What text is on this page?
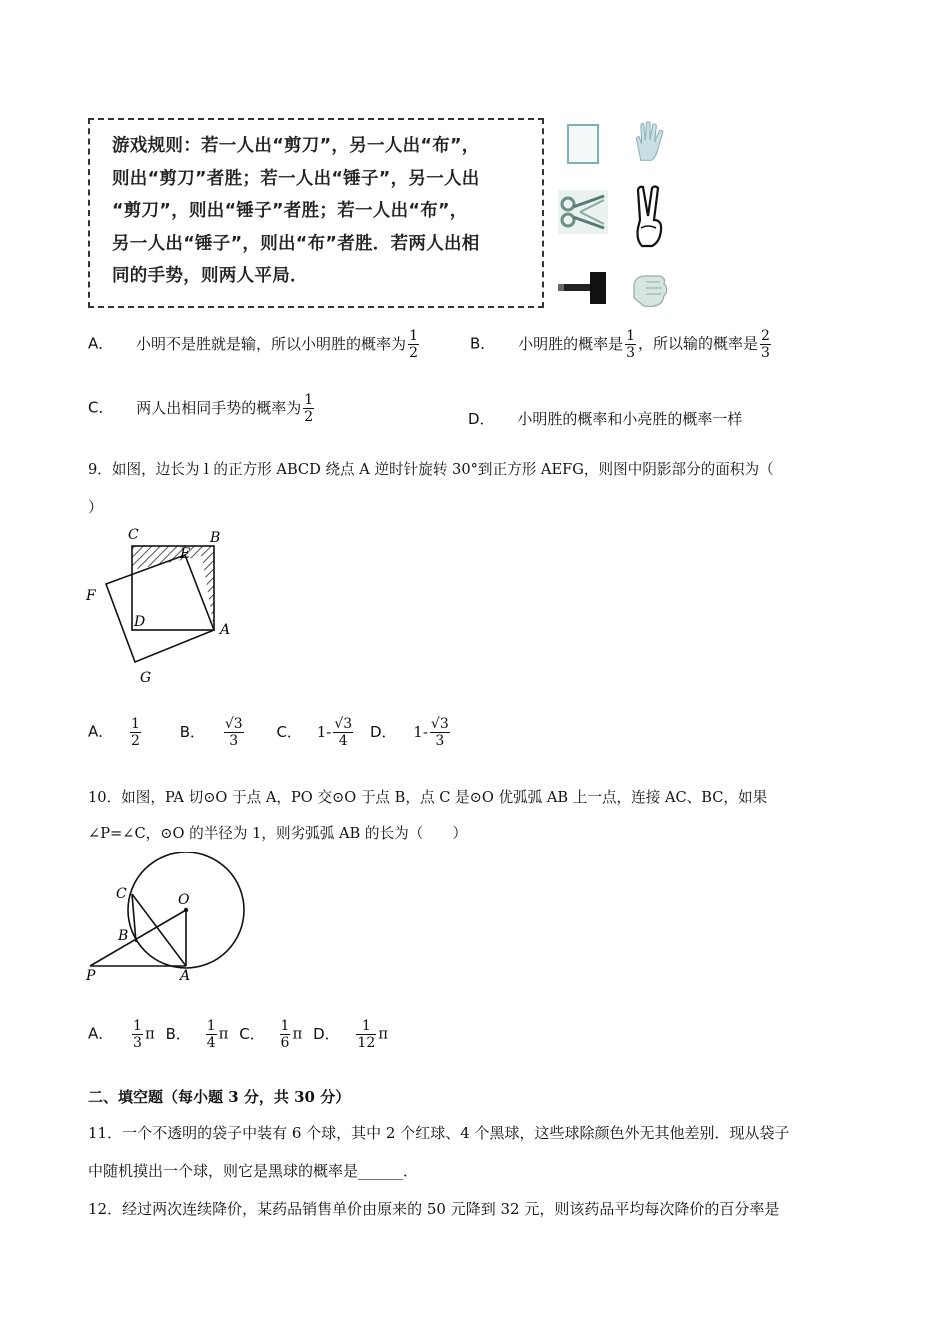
游戏规则：若一人出“剪刀”，另一人出“布”，
则出“剪刀”者胜；若一人出“锤子”，另一人出
“剪刀”，则出“锤子”者胜；若一人出“布”，
另一人出“锤子”，则出“布”者胜．若两人出相
同的手势，则两人平局．
A． 小明不是胜就是输，所以小明胜的概率为 $\frac{1}{2}$	B． 小明胜的概率是 $\frac{1}{3}$ ，所以输的概率是 $\frac{2}{3}$
C． 两人出相同手势的概率为 $\frac{1}{2}$	D． 小明胜的概率和小亮胜的概率一样
9．如图，边长为 l 的正方形 ABCD 绕点 A 逆时针旋转 30°到正方形 AEFG，则图中阴影部分的面积为（
）
C	B
E
F
D	A
G
A． $\frac{1}{2}$	B． $\frac{√3}{3}$ C． $1- \frac{√3}{4}$ D． $1- \frac{√3}{3}$
10．如图，PA 切⊙O 于点 A，PO 交⊙O 于点 B，点 C 是⊙O 优弧弧 AB 上一点，连接 AC、BC，如果
∠P=∠C，⊙O 的半径为 1，则劣弧弧 AB 的长为（　　）
C	O
B
P	A
A． $\frac{1}{3}$ π B． $\frac{1}{4}$ π C． $\frac{1}{6}$ π D． $\frac{1}{12}$ π
二、填空题（每小题 3 分，共 30 分）
11．一个不透明的袋子中装有 6 个球，其中 2 个红球、4 个黑球，这些球除颜色外无其他差别．现从袋子
中随机摸出一个球，则它是黑球的概率是______．
12．经过两次连续降价，某药品销售单价由原来的 50 元降到 32 元，则该药品平均每次降价的百分率是
